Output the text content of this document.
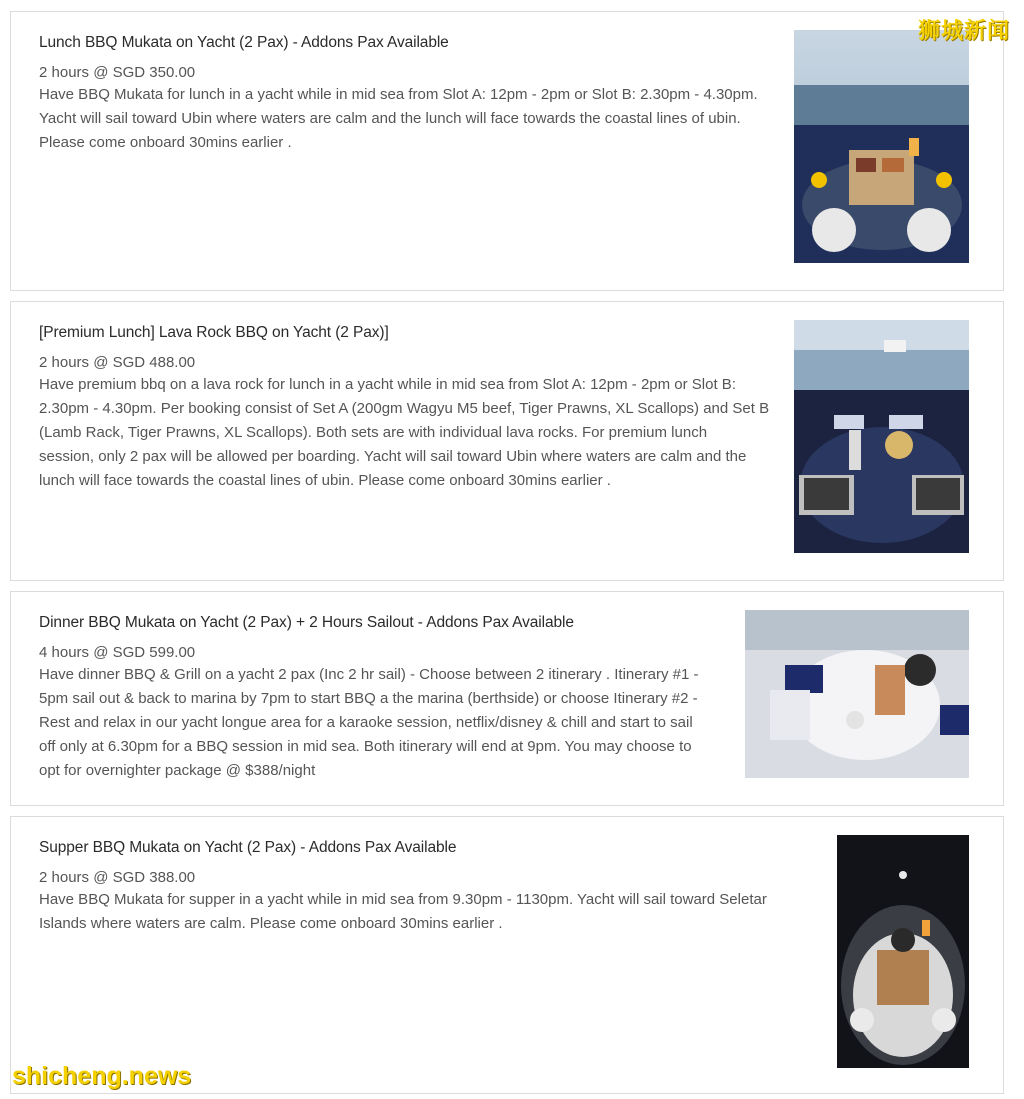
Lunch BBQ Mukata on Yacht (2 Pax) - Addons Pax Available
2 hours @ SGD 350.00
Have BBQ Mukata for lunch in a yacht while in mid sea from Slot A: 12pm - 2pm or Slot B: 2.30pm - 4.30pm.
Yacht will sail toward Ubin where waters are calm and the lunch will face towards the coastal lines of ubin.
Please come onboard 30mins earlier .
[Premium Lunch] Lava Rock BBQ on Yacht (2 Pax)]
2 hours @ SGD 488.00
Have premium bbq on a lava rock for lunch in a yacht while in mid sea from Slot A: 12pm - 2pm or Slot B:
2.30pm - 4.30pm. Per booking consist of Set A (200gm Wagyu M5 beef, Tiger Prawns, XL Scallops) and Set B
(Lamb Rack, Tiger Prawns, XL Scallops). Both sets are with individual lava rocks. For premium lunch
session, only 2 pax will be allowed per boarding. Yacht will sail toward Ubin where waters are calm and the
lunch will face towards the coastal lines of ubin. Please come onboard 30mins earlier .
Dinner BBQ Mukata on Yacht (2 Pax) + 2 Hours Sailout - Addons Pax Available
4 hours @ SGD 599.00
Have dinner BBQ & Grill on a yacht 2 pax (Inc 2 hr sail) - Choose between 2 itinerary . Itinerary #1 -
5pm sail out & back to marina by 7pm to start BBQ a the marina (berthside) or choose Itinerary #2 -
Rest and relax in our yacht longue area for a karaoke session, netflix/disney & chill and start to sail
off only at 6.30pm for a BBQ session in mid sea. Both itinerary will end at 9pm. You may choose to
opt for overnighter package @ $388/night
Supper BBQ Mukata on Yacht (2 Pax) - Addons Pax Available
2 hours @ SGD 388.00
Have BBQ Mukata for supper in a yacht while in mid sea from 9.30pm - 1130pm. Yacht will sail toward Seletar
Islands where waters are calm. Please come onboard 30mins earlier .
狮城新闻
shicheng.news
